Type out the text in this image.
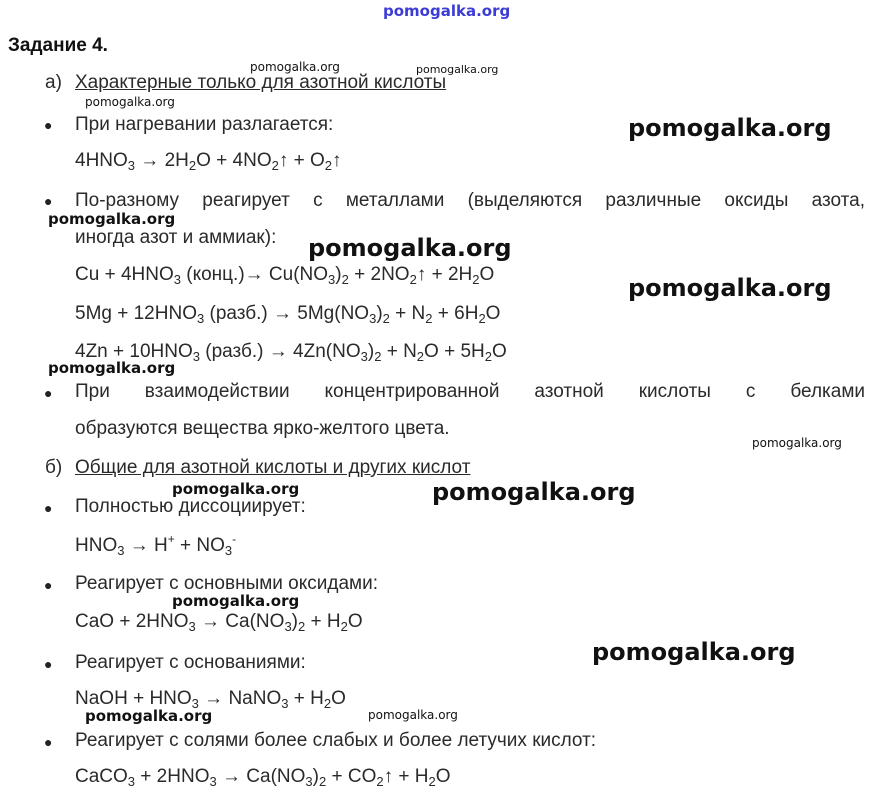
pomogalka.org
Задание 4.
а) Характерные только для азотной кислоты
● При нагревании разлагается:
$4HNO_3 \to 2H_2O$ + $4NO_2↑$ + $O_2↑$
● По-разному реагирует с металлами (выделяются различные оксиды азота,
иногда азот и аммиак):
$Cu + 4HNO_3$ (конц.)→ $Cu(NO_3)_2$ + $2NO_2↑ + 2H_2O$
$5Mg + 12HNO_3$ (разб.) → $5Mg(NO_3)_2 + N_2 + 6H_2O$
$4Zn + 10HNO_3$ (разб.) → $4Zn(NO_3)_2 + N_2O + 5H_2O$
● При взаимодействии концентрированной азотной кислоты с белками
образуются вещества ярко-желтого цвета.
б) Общие для азотной кислоты и других кислот
● Полностью диссоциирует:
$HNO_3 \to H^+ + NO_3^-$
● Реагирует с основными оксидами:
CaO + $2HNO_3 \to Ca(NO_3)_2 + H_2O$
● Реагирует с основаниями:
NaOH + $HNO_3$ → NaNO$_3$ + $H_2O$
● Реагирует с солями более слабых и более летучих кислот:
CaCO$_3$ + $2HNO_3 \to Ca(NO_3)_2$ + $CO_2↑ + H_2O$
pomogalka.org	pomogalka.org
pomogalka.org
pomogalka.org
pomogalka.org
pomogalka.org
pomogalka.org
pomogalka.org
pomogalka.org
pomogalka.org	pomogalka.org
pomogalka.org
pomogalka.org
pomogalka.org	pomogalka.org
